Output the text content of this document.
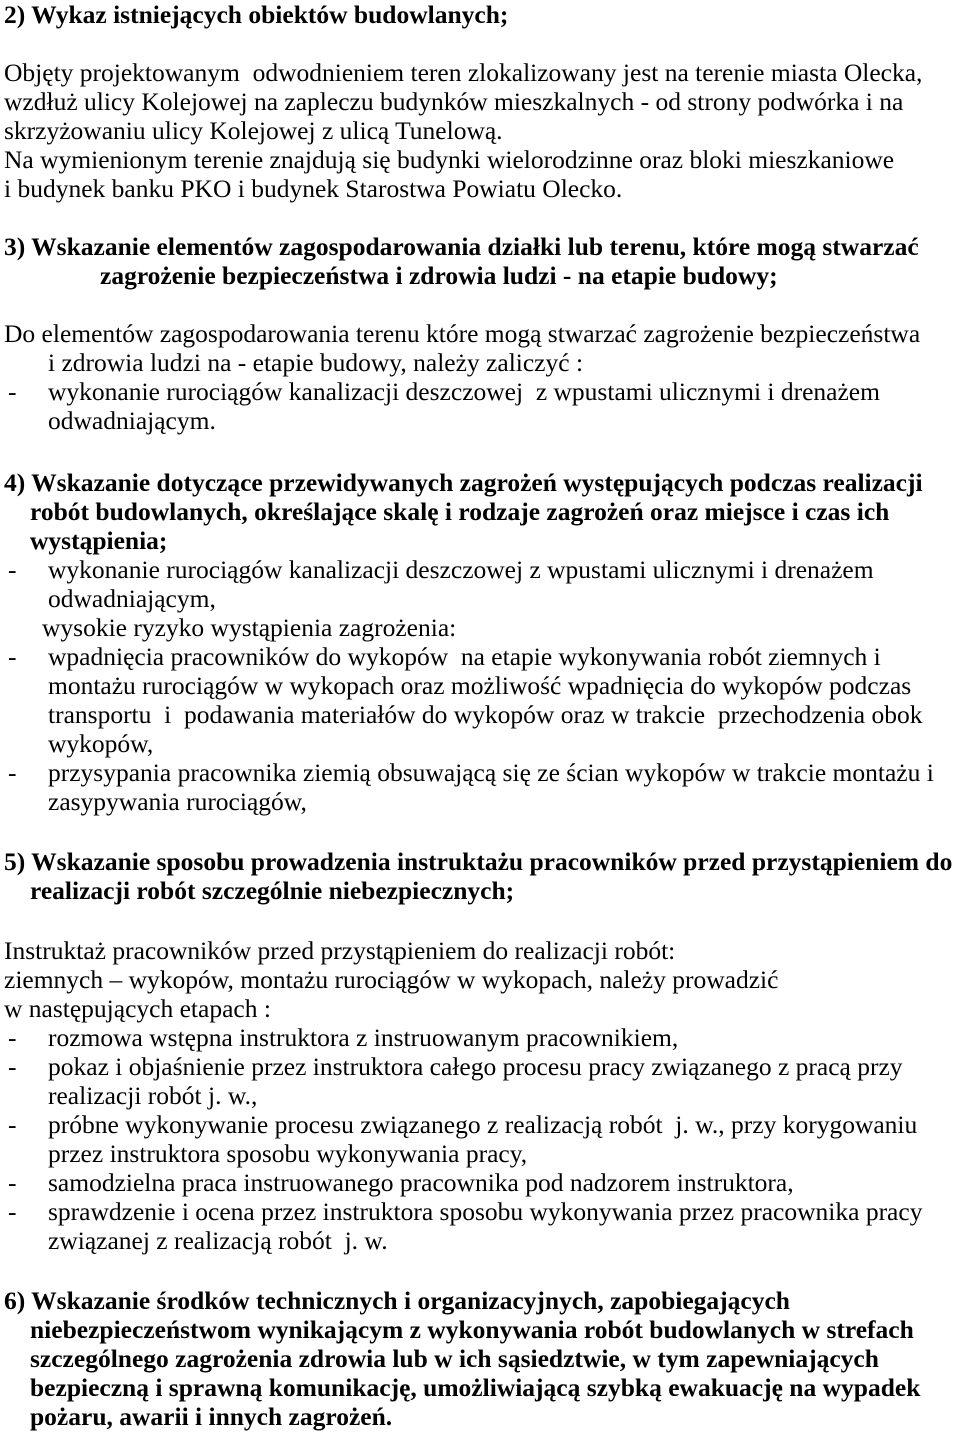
2) Wykaz istniejących obiektów budowlanych;
Objęty projektowanym  odwodnieniem teren zlokalizowany jest na terenie miasta Olecka,
wzdłuż ulicy Kolejowej na zapleczu budynków mieszkalnych - od strony podwórka i na
skrzyżowaniu ulicy Kolejowej z ulicą Tunelową.
Na wymienionym terenie znajdują się budynki wielorodzinne oraz bloki mieszkaniowe
i budynek banku PKO i budynek Starostwa Powiatu Olecko.
3) Wskazanie elementów zagospodarowania działki lub terenu, które mogą stwarzać
zagrożenie bezpieczeństwa i zdrowia ludzi - na etapie budowy;
Do elementów zagospodarowania terenu które mogą stwarzać zagrożenie bezpieczeństwa
i zdrowia ludzi na - etapie budowy, należy zaliczyć :
- wykonanie rurociągów kanalizacji deszczowej  z wpustami ulicznymi i drenażem
odwadniającym.
4) Wskazanie dotyczące przewidywanych zagrożeń występujących podczas realizacji
robót budowlanych, określające skalę i rodzaje zagrożeń oraz miejsce i czas ich
wystąpienia;
- wykonanie rurociągów kanalizacji deszczowej z wpustami ulicznymi i drenażem
odwadniającym,
wysokie ryzyko wystąpienia zagrożenia:
- wpadnięcia pracowników do wykopów  na etapie wykonywania robót ziemnych i
montażu rurociągów w wykopach oraz możliwość wpadnięcia do wykopów podczas
transportu  i  podawania materiałów do wykopów oraz w trakcie  przechodzenia obok
wykopów,
- przysypania pracownika ziemią obsuwającą się ze ścian wykopów w trakcie montażu i
zasypywania rurociągów,
5) Wskazanie sposobu prowadzenia instruktażu pracowników przed przystąpieniem do
realizacji robót szczególnie niebezpiecznych;
Instruktaż pracowników przed przystąpieniem do realizacji robót:
ziemnych – wykopów, montażu rurociągów w wykopach, należy prowadzić
w następujących etapach :
- rozmowa wstępna instruktora z instruowanym pracownikiem,
- pokaz i objaśnienie przez instruktora całego procesu pracy związanego z pracą przy
realizacji robót j. w.,
- próbne wykonywanie procesu związanego z realizacją robót  j. w., przy korygowaniu
przez instruktora sposobu wykonywania pracy,
- samodzielna praca instruowanego pracownika pod nadzorem instruktora,
- sprawdzenie i ocena przez instruktora sposobu wykonywania przez pracownika pracy
związanej z realizacją robót  j. w.
6) Wskazanie środków technicznych i organizacyjnych, zapobiegających
niebezpieczeństwom wynikającym z wykonywania robót budowlanych w strefach
szczególnego zagrożenia zdrowia lub w ich sąsiedztwie, w tym zapewniających
bezpieczną i sprawną komunikację, umożliwiającą szybką ewakuację na wypadek
pożaru, awarii i innych zagrożeń.
